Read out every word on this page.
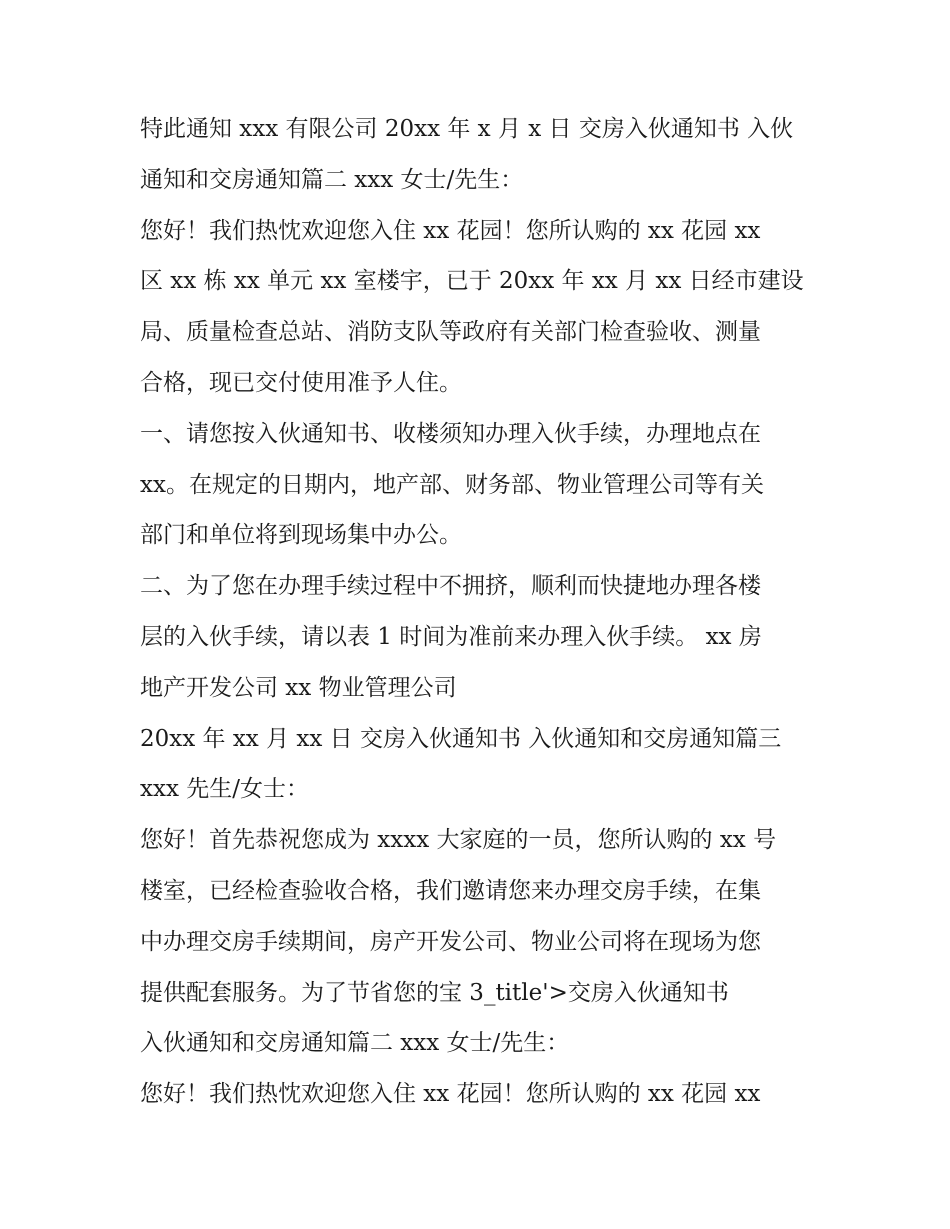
特此通知 xxx 有限公司 20xx 年 x 月 x 日 交房入伙通知书 入伙
通知和交房通知篇二 xxx 女士/先生：
您好！我们热忱欢迎您入住 xx 花园！您所认购的 xx 花园 xx
区 xx 栋 xx 单元 xx 室楼宇，已于 20xx 年 xx 月 xx 日经市建设
局、质量检查总站、消防支队等政府有关部门检查验收、测量
合格，现已交付使用准予人住。
一、请您按入伙通知书、收楼须知办理入伙手续，办理地点在
xx。在规定的日期内，地产部、财务部、物业管理公司等有关
部门和单位将到现场集中办公。
二、为了您在办理手续过程中不拥挤，顺利而快捷地办理各楼
层的入伙手续，请以表 1 时间为准前来办理入伙手续。 xx 房
地产开发公司 xx 物业管理公司
20xx 年 xx 月 xx 日 交房入伙通知书 入伙通知和交房通知篇三
xxx 先生/女士：
您好！首先恭祝您成为 xxxx 大家庭的一员，您所认购的 xx 号
楼室，已经检查验收合格，我们邀请您来办理交房手续，在集
中办理交房手续期间，房产开发公司、物业公司将在现场为您
提供配套服务。为了节省您的宝 3_title'>交房入伙通知书
入伙通知和交房通知篇二 xxx 女士/先生：
您好！我们热忱欢迎您入住 xx 花园！您所认购的 xx 花园 xx
